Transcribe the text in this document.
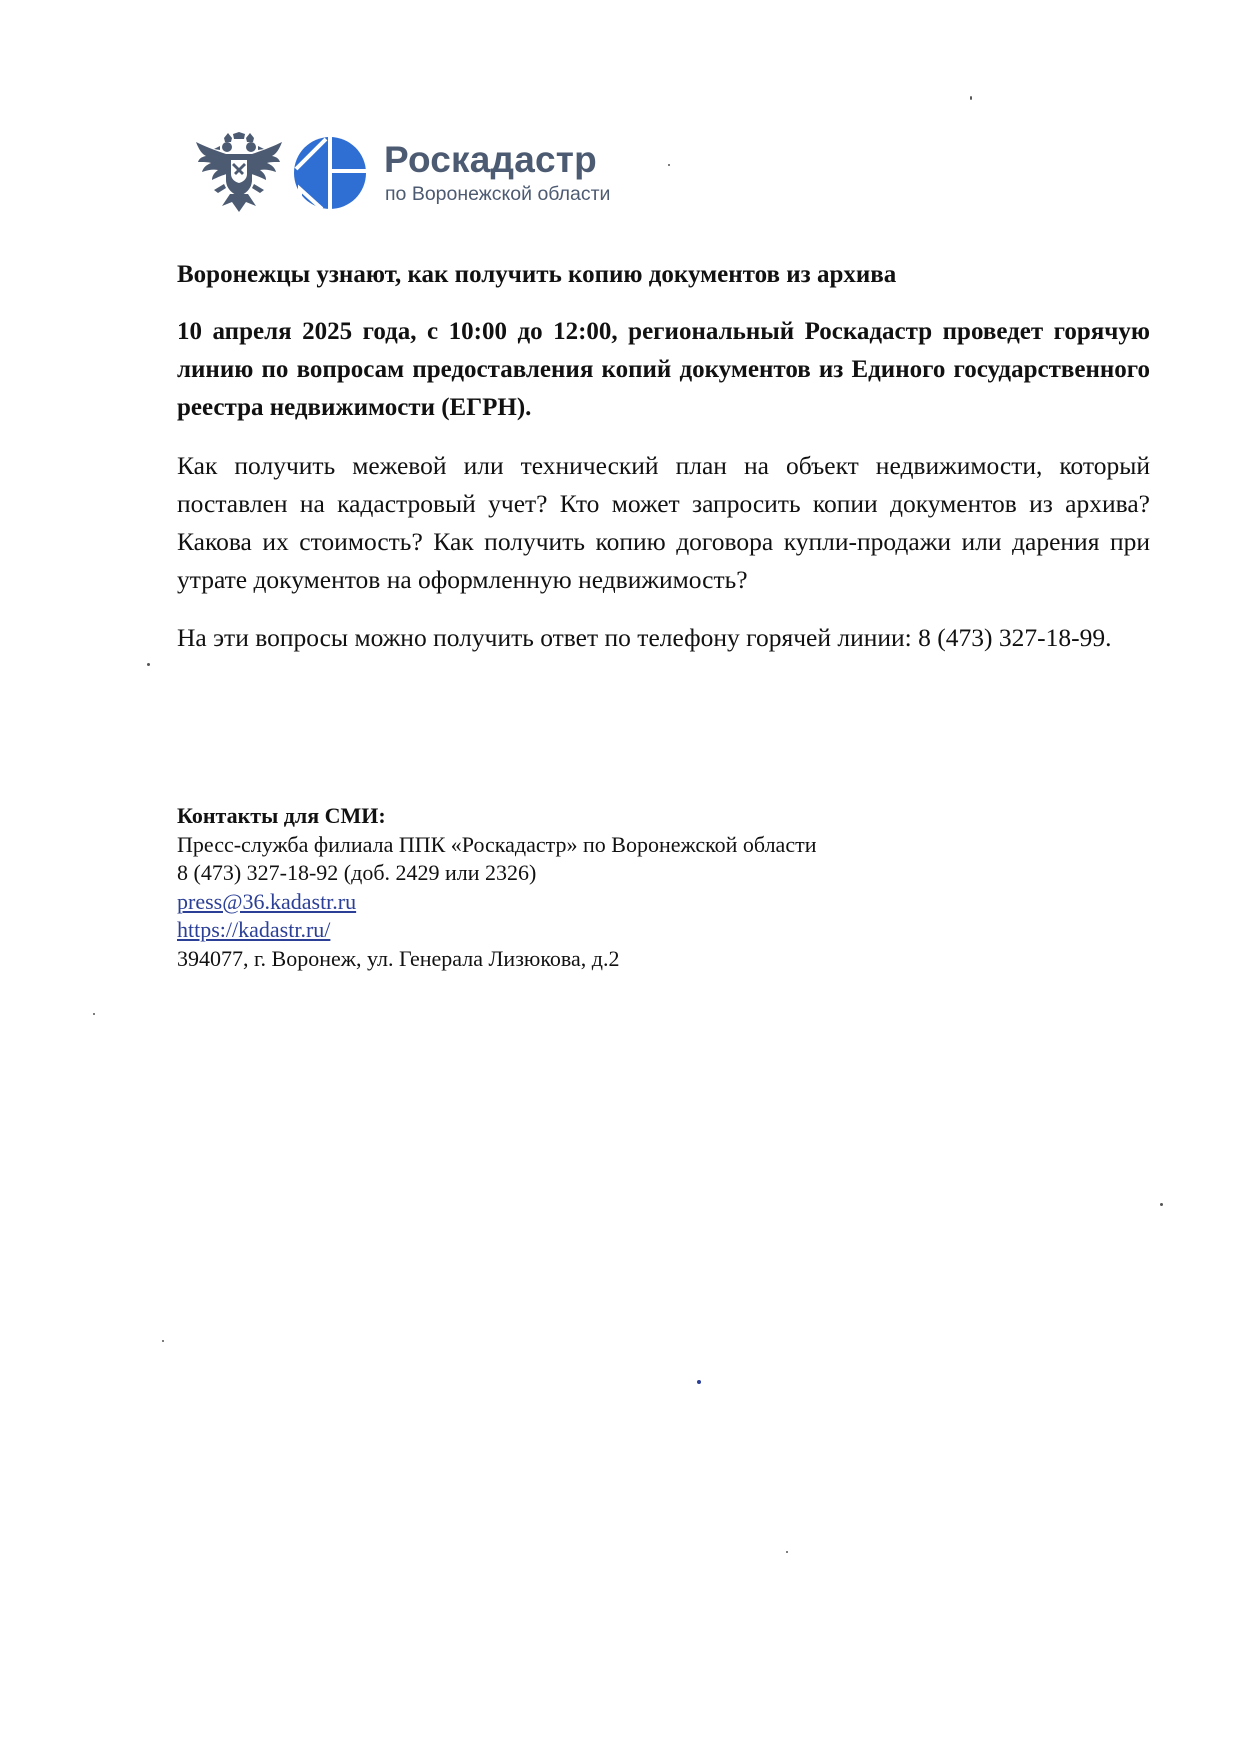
Роскадастр
по Воронежской области
Воронежцы узнают, как получить копию документов из архива

10 апреля 2025 года, с 10:00 до 12:00, региональный Роскадастр проведет горячую линию по вопросам предоставления копий документов из Единого государственного реестра недвижимости (ЕГРН).

Как получить межевой или технический план на объект недвижимости, который поставлен на кадастровый учет? Кто может запросить копии документов из архива? Какова их стоимость? Как получить копию договора купли-продажи или дарения при утрате документов на оформленную недвижимость?

На эти вопросы можно получить ответ по телефону горячей линии: 8 (473) 327-18-99.

Контакты для СМИ:
Пресс-служба филиала ППК «Роскадастр» по Воронежской области
8 (473) 327-18-92 (доб. 2429 или 2326)
press@36.kadastr.ru
https://kadastr.ru/
394077, г. Воронеж, ул. Генерала Лизюкова, д.2
